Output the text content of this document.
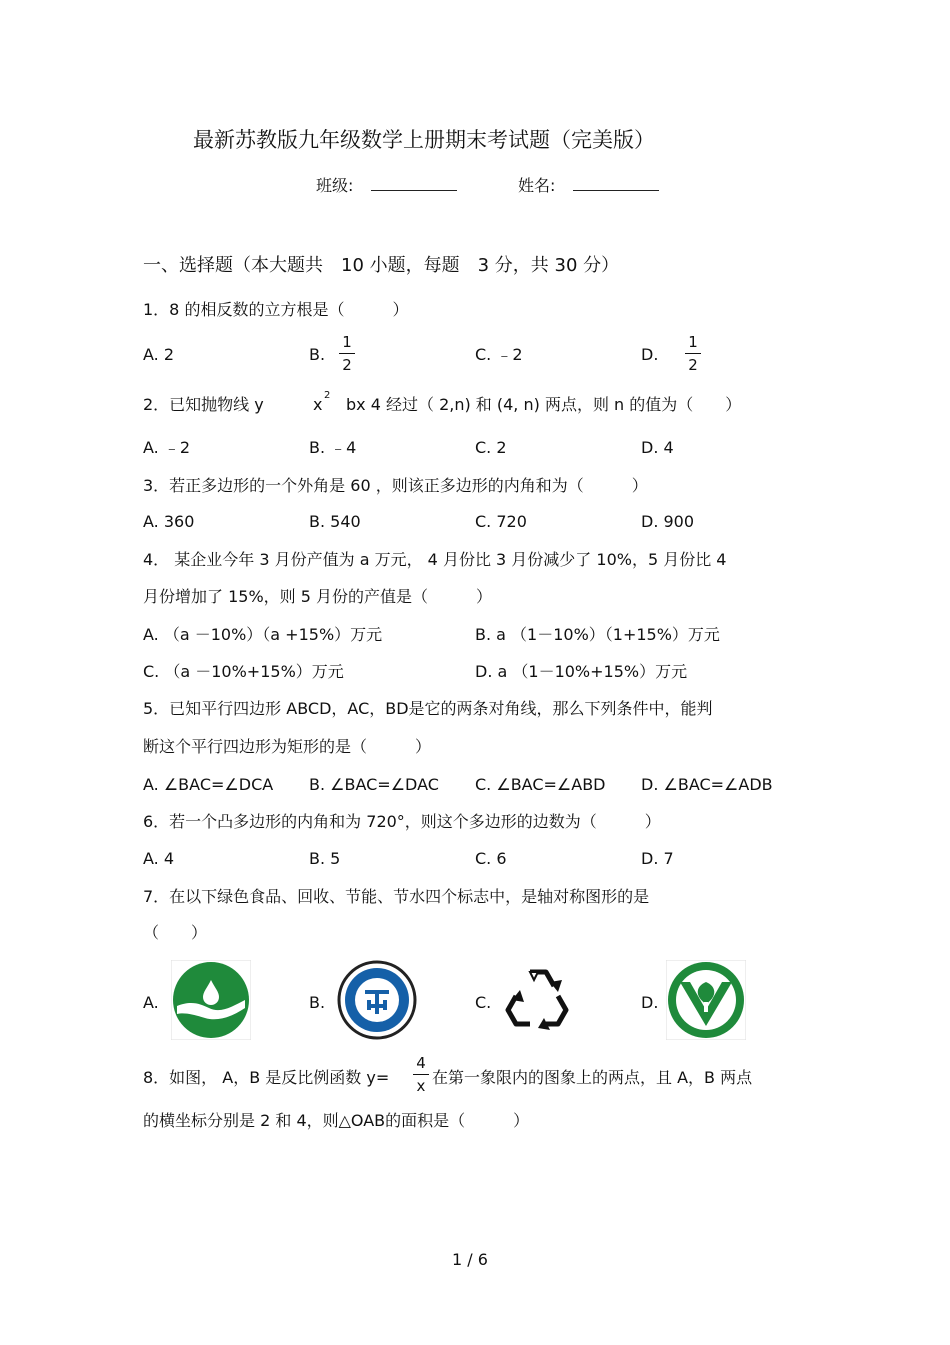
最新苏教版九年级数学上册期末考试题（完美版）
班级:	姓名:
一、选择题（本大题共　10 小题，每题　3 分，共 30 分）
1．8 的相反数的立方根是（　　　）
A. 2	B.
1
2
C. ﹣2	D.
1
2
2．已知抛物线 y	x 2 bx 4 经过（ 2,n) 和 (4, n) 两点，则 n 的值为（　　）
A. ﹣2	B. ﹣4	C. 2	D. 4
3．若正多边形的一个外角是 60 ，则该正多边形的内角和为（　　　）
A. 360	B. 540	C. 720	D. 900
4． 某企业今年 3 月份产值为 a 万元， 4 月份比 3 月份减少了 10%，5 月份比 4
月份增加了 15%，则 5 月份的产值是（　　　）
A. （a －10%）（a +15%）万元	B. a （1－10%）（1+15%）万元
C. （a －10%+15%）万元	D. a （1－10%+15%）万元
5．已知平行四边形 ABCD，AC，BD是它的两条对角线，那么下列条件中，能判
断这个平行四边形为矩形的是（　　　）
A. ∠BAC=∠DCA B. ∠BAC=∠DAC C. ∠BAC=∠ABD D. ∠BAC=∠ADB
6．若一个凸多边形的内角和为 720°，则这个多边形的边数为（　　　）
A. 4	B. 5	C. 6	D. 7
7．在以下绿色食品、回收、节能、节水四个标志中，是轴对称图形的是
（　　）
A.	B.	C.	D.
8．如图， A，B 是反比例函数 y=
4
x 在第一象限内的图象上的两点，且 A，B 两点
的横坐标分别是 2 和 4，则△OAB的面积是（　　　）
1 / 6
